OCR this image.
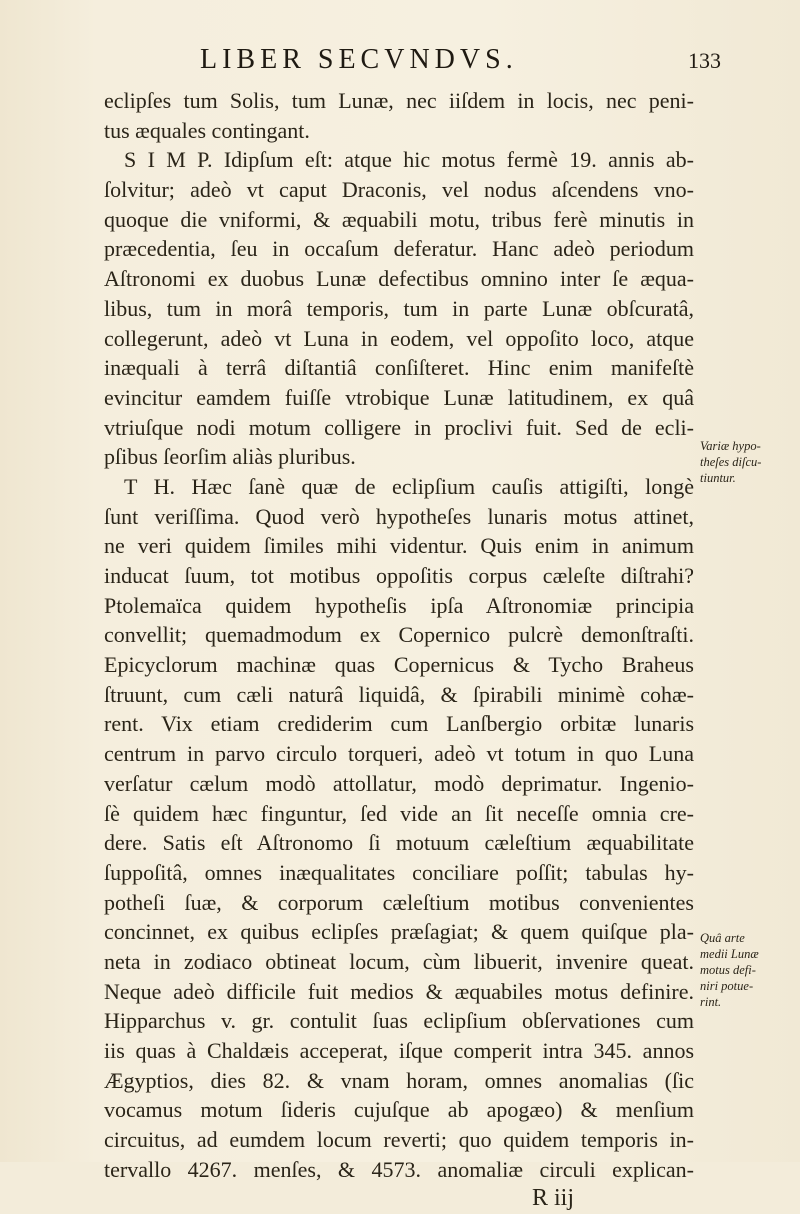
LIBER SECVNDVS.	133
eclipſes tum Solis, tum Lunæ, nec iiſdem in locis, nec peni-
tus æquales contingant.
S I M P. Idipſum eſt: atque hic motus fermè 19. annis ab-
ſolvitur; adeò vt caput Draconis, vel nodus aſcendens vno-
quoque die vniformi, & æquabili motu, tribus ferè minutis in
præcedentia, ſeu in occaſum deferatur. Hanc adeò periodum
Aſtronomi ex duobus Lunæ defectibus omnino inter ſe æqua-
libus, tum in morâ temporis, tum in parte Lunæ obſcuratâ,
collegerunt, adeò vt Luna in eodem, vel oppoſito loco, atque
inæquali à terrâ diſtantiâ conſiſteret. Hinc enim manifeſtè
evincitur eamdem fuiſſe vtrobique Lunæ latitudinem, ex quâ
vtriuſque nodi motum colligere in proclivi fuit. Sed de ecli-
pſibus ſeorſim aliàs pluribus.
T H. Hæc ſanè quæ de eclipſium cauſis attigiſti, longè
ſunt veriſſima. Quod verò hypotheſes lunaris motus attinet,
ne veri quidem ſimiles mihi videntur. Quis enim in animum
inducat ſuum, tot motibus oppoſitis corpus cæleſte diſtrahi?
Ptolemaïca quidem hypotheſis ipſa Aſtronomiæ principia
convellit; quemadmodum ex Copernico pulcrè demonſtraſti.
Epicyclorum machinæ quas Copernicus & Tycho Braheus
ſtruunt, cum cæli naturâ liquidâ, & ſpirabili minimè cohæ-
rent. Vix etiam crediderim cum Lanſbergio orbitæ lunaris
centrum in parvo circulo torqueri, adeò vt totum in quo Luna
verſatur cælum modò attollatur, modò deprimatur. Ingenio-
ſè quidem hæc finguntur, ſed vide an ſit neceſſe omnia cre-
dere. Satis eſt Aſtronomo ſi motuum cæleſtium æquabilitate
ſuppoſitâ, omnes inæqualitates conciliare poſſit; tabulas hy-
potheſi ſuæ, & corporum cæleſtium motibus convenientes
concinnet, ex quibus eclipſes præſagiat; & quem quiſque pla-
neta in zodiaco obtineat locum, cùm libuerit, invenire queat.
Neque adeò difficile fuit medios & æquabiles motus definire.
Hipparchus v. gr. contulit ſuas eclipſium obſervationes cum
iis quas à Chaldæis acceperat, iſque comperit intra 345. annos
Ægyptios, dies 82. & vnam horam, omnes anomalias (ſic
vocamus motum ſideris cujuſque ab apogæo) & menſium
circuitus, ad eumdem locum reverti; quo quidem temporis in-
tervallo 4267. menſes, & 4573. anomaliæ circuli explican-
R iij
Variæ hypo-
theſes diſcu-
tiuntur.
Quâ arte
medii Lunæ
motus defi-
niri potue-
rint.
